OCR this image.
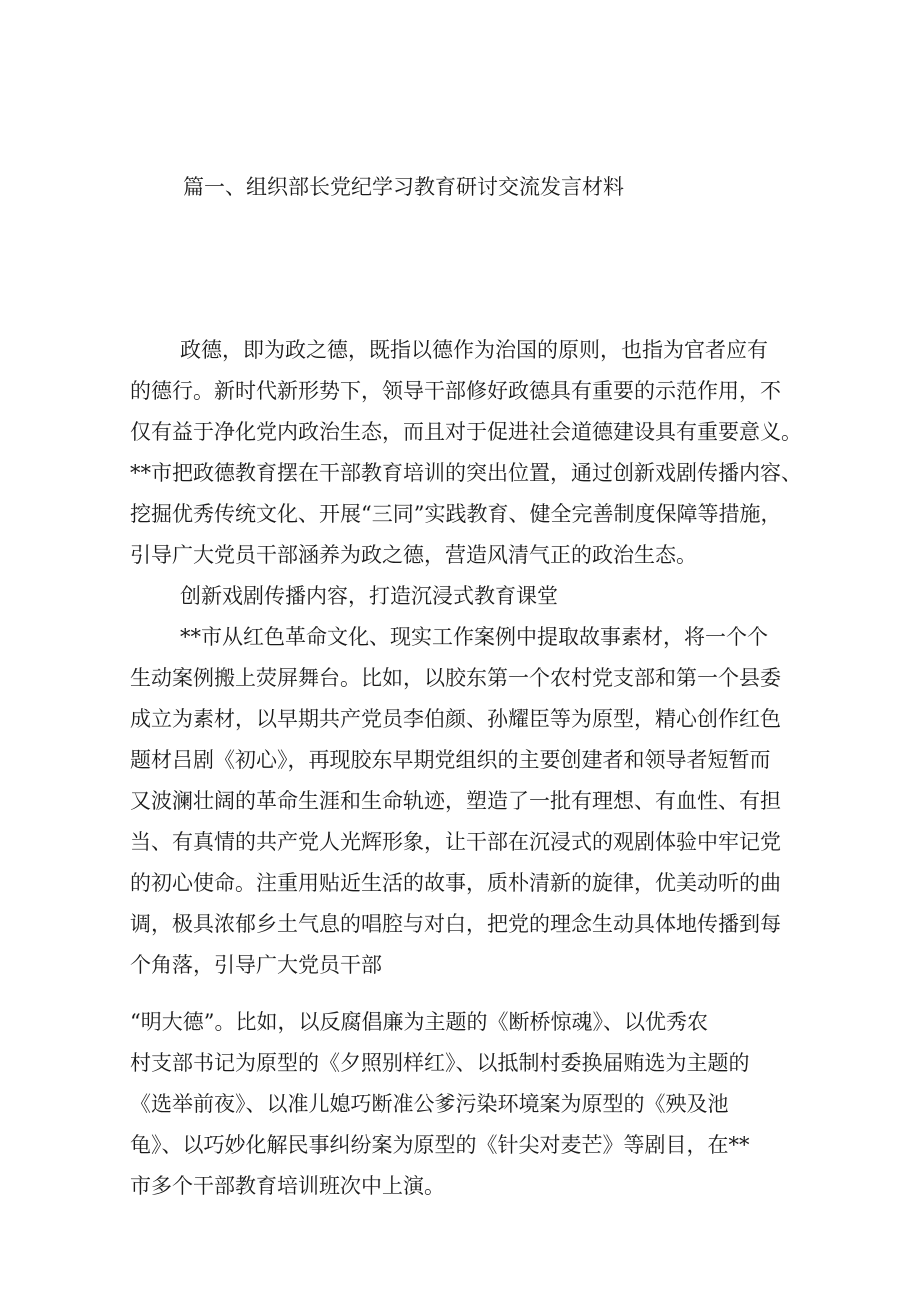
篇一、组织部长党纪学习教育研讨交流发言材料

政德，即为政之德，既指以德作为治国的原则，也指为官者应有

的德行。新时代新形势下，领导干部修好政德具有重要的示范作用，不

仅有益于净化党内政治生态，而且对于促进社会道德建设具有重要意义。

**市把政德教育摆在干部教育培训的突出位置，通过创新戏剧传播内容、

挖掘优秀传统文化、开展“三同”实践教育、健全完善制度保障等措施，

引导广大党员干部涵养为政之德，营造风清气正的政治生态。

创新戏剧传播内容，打造沉浸式教育课堂

**市从红色革命文化、现实工作案例中提取故事素材，将一个个

生动案例搬上荧屏舞台。比如，以胶东第一个农村党支部和第一个县委

成立为素材，以早期共产党员李伯颜、孙耀臣等为原型，精心创作红色

题材吕剧《初心》，再现胶东早期党组织的主要创建者和领导者短暂而

又波澜壮阔的革命生涯和生命轨迹，塑造了一批有理想、有血性、有担

当、有真情的共产党人光辉形象，让干部在沉浸式的观剧体验中牢记党

的初心使命。注重用贴近生活的故事，质朴清新的旋律，优美动听的曲

调，极具浓郁乡土气息的唱腔与对白，把党的理念生动具体地传播到每

个角落，引导广大党员干部

“明大德”。比如，以反腐倡廉为主题的《断桥惊魂》、以优秀农

村支部书记为原型的《夕照别样红》、以抵制村委换届贿选为主题的

《选举前夜》、以准儿媳巧断准公爹污染环境案为原型的《殃及池

龟》、以巧妙化解民事纠纷案为原型的《针尖对麦芒》等剧目，在**

市多个干部教育培训班次中上演。
